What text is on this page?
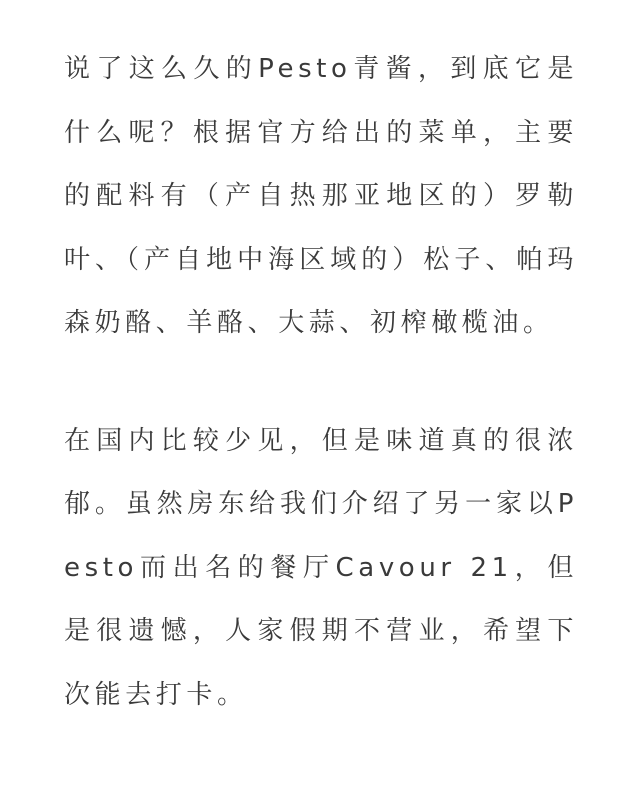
说了这么久的Pesto青酱，到底它是什么呢？根据官方给出的菜单，主要的配料有（产自热那亚地区的）罗勒叶、（产自地中海区域的）松子、帕玛森奶酪、羊酪、大蒜、初榨橄榄油。

在国内比较少见，但是味道真的很浓郁。虽然房东给我们介绍了另一家以Pesto而出名的餐厅Cavour 21，但是很遗憾，人家假期不营业，希望下次能去打卡。
